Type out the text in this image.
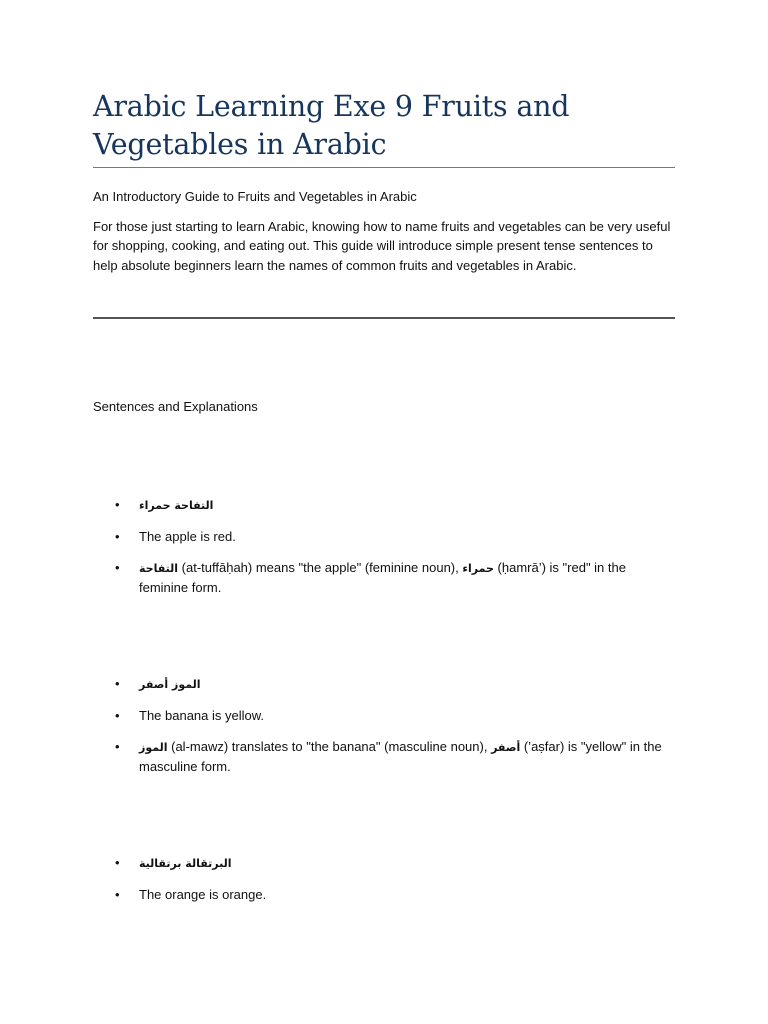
Arabic Learning Exe 9 Fruits and Vegetables in Arabic
An Introductory Guide to Fruits and Vegetables in Arabic
For those just starting to learn Arabic, knowing how to name fruits and vegetables can be very useful for shopping, cooking, and eating out. This guide will introduce simple present tense sentences to help absolute beginners learn the names of common fruits and vegetables in Arabic.
Sentences and Explanations
• التفاحة حمراء
• The apple is red.
• التفاحة (at-tuffāḥah) means "the apple" (feminine noun), حمراء (ḥamrā’) is "red" in the feminine form.
• الموز أصفر
• The banana is yellow.
• الموز (al-mawz) translates to "the banana" (masculine noun), أصفر (’aṣfar) is "yellow" in the masculine form.
• البرتقالة برتقالية
• The orange is orange.
